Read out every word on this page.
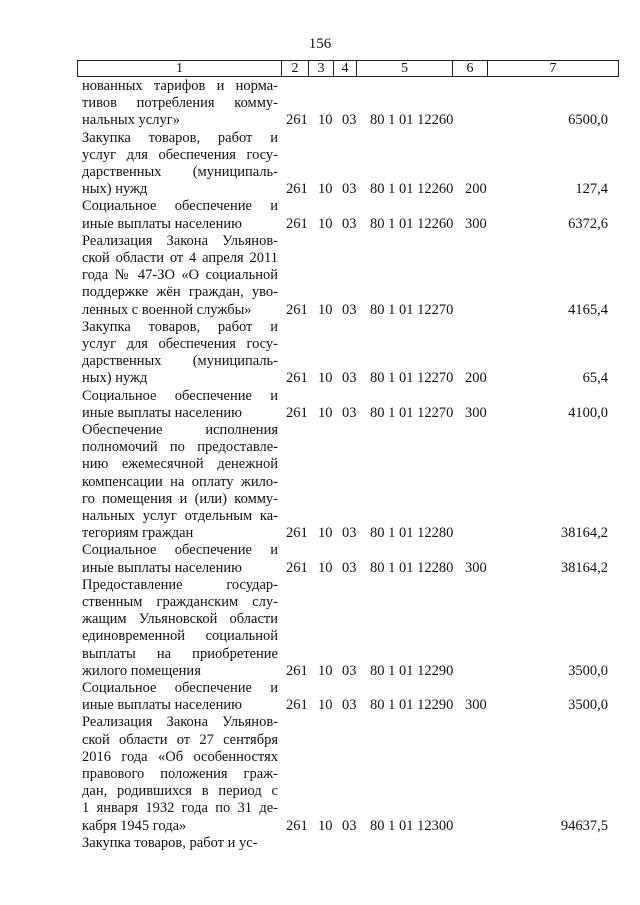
156
1	2	3	4	5	6	7
нованных тарифов и норма-
тивов потребления комму-
нальных услуг»	261 10 03 80 1 01 12260	6500,0
Закупка товаров, работ и
услуг для обеспечения госу-
дарственных (муниципаль-
ных) нужд	261 10 03 80 1 01 12260 200	127,4
Социальное обеспечение и
иные выплаты населению	261 10 03 80 1 01 12260 300	6372,6
Реализация Закона Ульянов-
ской области от 4 апреля 2011
года № 47-ЗО «О социальной
поддержке жён граждан, уво-
ленных с военной службы»	261 10 03 80 1 01 12270	4165,4
Закупка товаров, работ и
услуг для обеспечения госу-
дарственных (муниципаль-
ных) нужд	261 10 03 80 1 01 12270 200	65,4
Социальное обеспечение и
иные выплаты населению	261 10 03 80 1 01 12270 300	4100,0
Обеспечение исполнения
полномочий по предоставле-
нию ежемесячной денежной
компенсации на оплату жило-
го помещения и (или) комму-
нальных услуг отдельным ка-
тегориям граждан	261 10 03 80 1 01 12280	38164,2
Социальное обеспечение и
иные выплаты населению	261 10 03 80 1 01 12280 300	38164,2
Предоставление государ-
ственным гражданским слу-
жащим Ульяновской области
единовременной социальной
выплаты на приобретение
жилого помещения	261 10 03 80 1 01 12290	3500,0
Социальное обеспечение и
иные выплаты населению	261 10 03 80 1 01 12290 300	3500,0
Реализация Закона Ульянов-
ской области от 27 сентября
2016 года «Об особенностях
правового положения граж-
дан, родившихся в период с
1 января 1932 года по 31 де-
кабря 1945 года»	261 10 03 80 1 01 12300	94637,5
Закупка товаров, работ и ус-
